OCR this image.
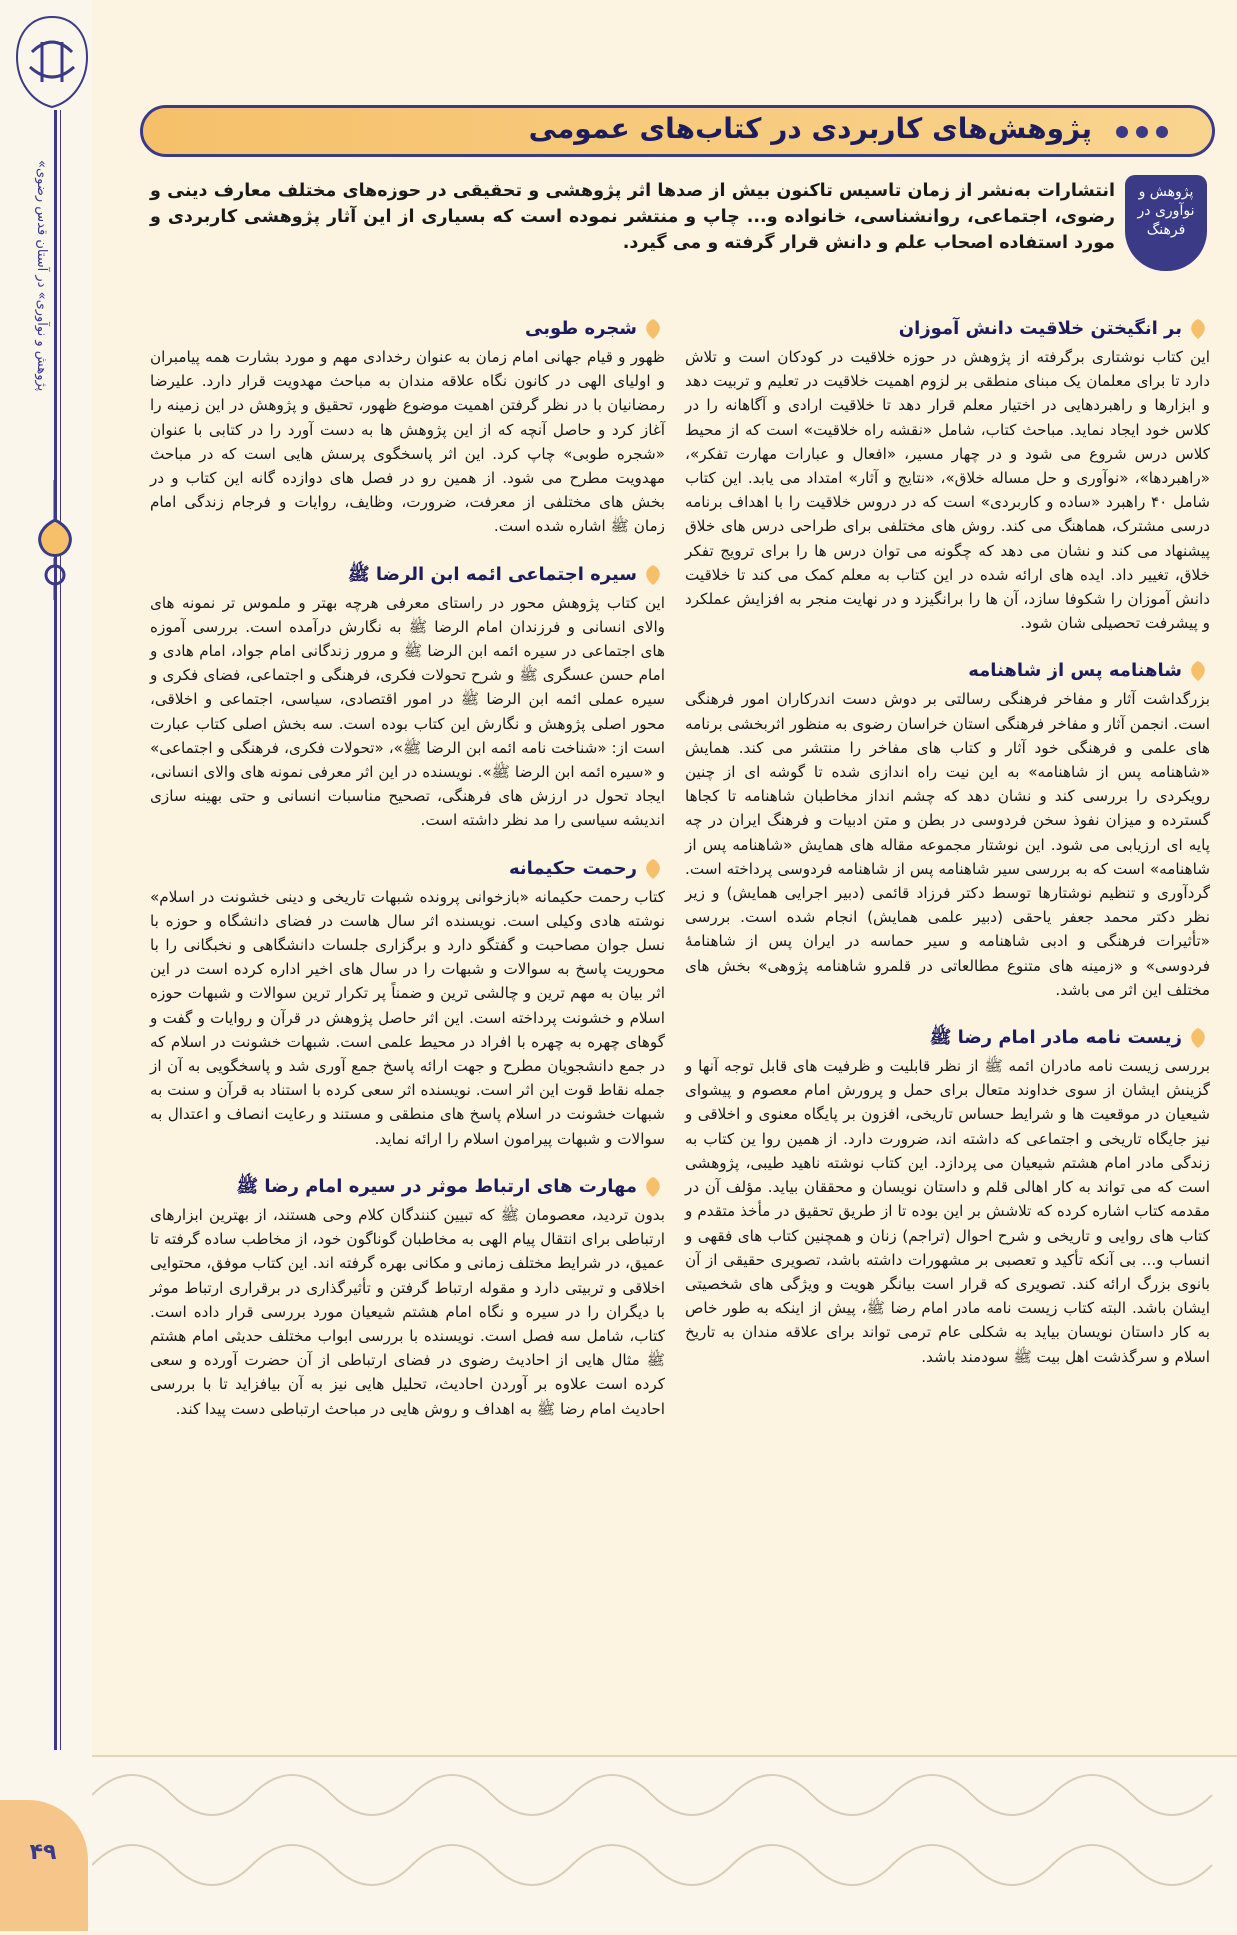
«پژوهش و نوآوری» در آستان قدس رضوی
۴۹
پژوهش‌های کاربردی در کتاب‌های عمومی
پژوهش و نوآوری در فرهنگ
انتشارات به‌نشر از زمان تاسیس تاکنون بیش از صدها اثر پژوهشی و تحقیقی در حوزه‌های مختلف معارف دینی و رضوی، اجتماعی، روانشناسی، خانواده و... چاپ و منتشر نموده است که بسیاری از این آثار پژوهشی کاربردی و مورد استفاده اصحاب علم و دانش قرار گرفته و می گیرد.
بر انگیختن خلاقیت دانش آموزان
این کتاب نوشتاری برگرفته از پژوهش در حوزه خلاقیت در کودکان است و تلاش دارد تا برای معلمان یک مبنای منطقی بر لزوم اهمیت خلاقیت در تعلیم و تربیت دهد و ابزارها و راهبردهایی در اختیار معلم قرار دهد تا خلاقیت ارادی و آگاهانه را در کلاس خود ایجاد نماید. مباحث کتاب، شامل «نقشه راه خلاقیت» است که از محیط کلاس درس شروع می شود و در چهار مسیر، «افعال و عبارات مهارت تفکر»، «راهبردها»، «نوآوری و حل مساله خلاق»، «نتایج و آثار» امتداد می یابد. این کتاب شامل ۴۰ راهبرد «ساده و کاربردی» است که در دروس خلاقیت را با اهداف برنامه درسی مشترک، هماهنگ می کند. روش های مختلفی برای طراحی درس های خلاق پیشنهاد می کند و نشان می دهد که چگونه می توان درس ها را برای ترویج تفکر خلاق، تغییر داد. ایده های ارائه شده در این کتاب به معلم کمک می کند تا خلاقیت دانش آموزان را شکوفا سازد، آن ها را برانگیزد و در نهایت منجر به افزایش عملکرد و پیشرفت تحصیلی شان شود.
شاهنامه پس از شاهنامه
بزرگداشت آثار و مفاخر فرهنگی رسالتی بر دوش دست اندرکاران امور فرهنگی است. انجمن آثار و مفاخر فرهنگی استان خراسان رضوی به منظور اثربخشی برنامه های علمی و فرهنگی خود آثار و کتاب های مفاخر را منتشر می کند. همایش «شاهنامه پس از شاهنامه» به این نیت راه اندازی شده تا گوشه ای از چنین رویکردی را بررسی کند و نشان دهد که چشم انداز مخاطبان شاهنامه تا کجاها گسترده و میزان نفوذ سخن فردوسی در بطن و متن ادبیات و فرهنگ ایران در چه پایه ای ارزیابی می شود. این نوشتار مجموعه مقاله های همایش «شاهنامه پس از شاهنامه» است که به بررسی سیر شاهنامه پس از شاهنامه فردوسی پرداخته است. گردآوری و تنظیم نوشتارها توسط دکتر فرزاد قائمی (دبیر اجرایی همایش) و زیر نظر دکتر محمد جعفر یاحقی (دبیر علمی همایش) انجام شده است. بررسی «تأثیرات فرهنگی و ادبی شاهنامه و سیر حماسه در ایران پس از شاهنامهٔ فردوسی» و «زمینه های متنوع مطالعاتی در قلمرو شاهنامه پژوهی» بخش های مختلف این اثر می باشد.
زیست نامه مادر امام رضا ﷺ
بررسی زیست نامه مادران ائمه ﷺ از نظر قابلیت و ظرفیت های قابل توجه آنها و گزینش ایشان از سوی خداوند متعال برای حمل و پرورش امام معصوم و پیشوای شیعیان در موقعیت ها و شرایط حساس تاریخی، افزون بر پایگاه معنوی و اخلاقی و نیز جایگاه تاریخی و اجتماعی که داشته اند، ضرورت دارد. از همین روا ین کتاب به زندگی مادر امام هشتم شیعیان می پردازد. این کتاب نوشته ناهید طیبی، پژوهشی است که می تواند به کار اهالی قلم و داستان نویسان و محققان بیاید. مؤلف آن در مقدمه کتاب اشاره کرده که تلاشش بر این بوده تا از طریق تحقیق در مأخذ متقدم و کتاب های روایی و تاریخی و شرح احوال (تراجم) زنان و همچنین کتاب های فقهی و انساب و... بی آنکه تأکید و تعصبی بر مشهورات داشته باشد، تصویری حقیقی از آن بانوی بزرگ ارائه کند. تصویری که قرار است بیانگر هویت و ویژگی های شخصیتی ایشان باشد. البته کتاب زیست نامه مادر امام رضا ﷺ، پیش از اینکه به طور خاص به کار داستان نویسان بیاید به شکلی عام ترمی تواند برای علاقه مندان به تاریخ اسلام و سرگذشت اهل بیت ﷺ سودمند باشد.
شجره طوبی
ظهور و قیام جهانی امام زمان به عنوان رخدادی مهم و مورد بشارت همه پیامبران و اولیای الهی در کانون نگاه علاقه مندان به مباحث مهدویت قرار دارد. علیرضا رمضانیان با در نظر گرفتن اهمیت موضوع ظهور، تحقیق و پژوهش در این زمینه را آغاز کرد و حاصل آنچه که از این پژوهش ها به دست آورد را در کتابی با عنوان «شجره طوبی» چاپ کرد. این اثر پاسخگوی پرسش هایی است که در مباحث مهدویت مطرح می شود. از همین رو در فصل های دوازده گانه این کتاب و در بخش های مختلفی از معرفت، ضرورت، وظایف، روایات و فرجام زندگی امام زمان ﷺ اشاره شده است.
سیره اجتماعی ائمه ابن الرضا ﷺ
این کتاب پژوهش محور در راستای معرفی هرچه بهتر و ملموس تر نمونه های والای انسانی و فرزندان امام الرضا ﷺ به نگارش درآمده است. بررسی آموزه های اجتماعی در سیره ائمه ابن الرضا ﷺ و مرور زندگانی امام جواد، امام هادی و امام حسن عسگری ﷺ و شرح تحولات فکری، فرهنگی و اجتماعی، فضای فکری و سیره عملی ائمه ابن الرضا ﷺ در امور اقتصادی، سیاسی، اجتماعی و اخلاقی، محور اصلی پژوهش و نگارش این کتاب بوده است. سه بخش اصلی کتاب عبارت است از: «شناخت نامه ائمه ابن الرضا ﷺ»، «تحولات فکری، فرهنگی و اجتماعی» و «سیره ائمه ابن الرضا ﷺ». نویسنده در این اثر معرفی نمونه های والای انسانی، ایجاد تحول در ارزش های فرهنگی، تصحیح مناسبات انسانی و حتی بهینه سازی اندیشه سیاسی را مد نظر داشته است.
رحمت حکیمانه
کتاب رحمت حکیمانه «بازخوانی پرونده شبهات تاریخی و دینی خشونت در اسلام» نوشته هادی وکیلی است. نویسنده اثر سال هاست در فضای دانشگاه و حوزه با نسل جوان مصاحبت و گفتگو دارد و برگزاری جلسات دانشگاهی و نخبگانی را با محوریت پاسخ به سوالات و شبهات را در سال های اخیر اداره کرده است در این اثر بیان به مهم ترین و چالشی ترین و ضمناً پر تکرار ترین سوالات و شبهات حوزه اسلام و خشونت پرداخته است. این اثر حاصل پژوهش در قرآن و روایات و گفت و گوهای چهره به چهره با افراد در محیط علمی است. شبهات خشونت در اسلام که در جمع دانشجویان مطرح و جهت ارائه پاسخ جمع آوری شد و پاسخگویی به آن از جمله نقاط قوت این اثر است. نویسنده اثر سعی کرده با استناد به قرآن و سنت به شبهات خشونت در اسلام پاسخ های منطقی و مستند و رعایت انصاف و اعتدال به سوالات و شبهات پیرامون اسلام را ارائه نماید.
مهارت های ارتباط موثر در سیره امام رضا ﷺ
بدون تردید، معصومان ﷺ که تبیین کنندگان کلام وحی هستند، از بهترین ابزارهای ارتباطی برای انتقال پیام الهی به مخاطبان گوناگون خود، از مخاطب ساده گرفته تا عمیق، در شرایط مختلف زمانی و مکانی بهره گرفته اند. این کتاب موفق، محتوایی اخلاقی و تربیتی دارد و مقوله ارتباط گرفتن و تأثیرگذاری در برقراری ارتباط موثر با دیگران را در سیره و نگاه امام هشتم شیعیان مورد بررسی قرار داده است. کتاب، شامل سه فصل است. نویسنده با بررسی ابواب مختلف حدیثی امام هشتم ﷺ مثال هایی از احادیث رضوی در فضای ارتباطی از آن حضرت آورده و سعی کرده است علاوه بر آوردن احادیث، تحلیل هایی نیز به آن بیافزاید تا با بررسی احادیث امام رضا ﷺ به اهداف و روش هایی در مباحث ارتباطی دست پیدا کند.
